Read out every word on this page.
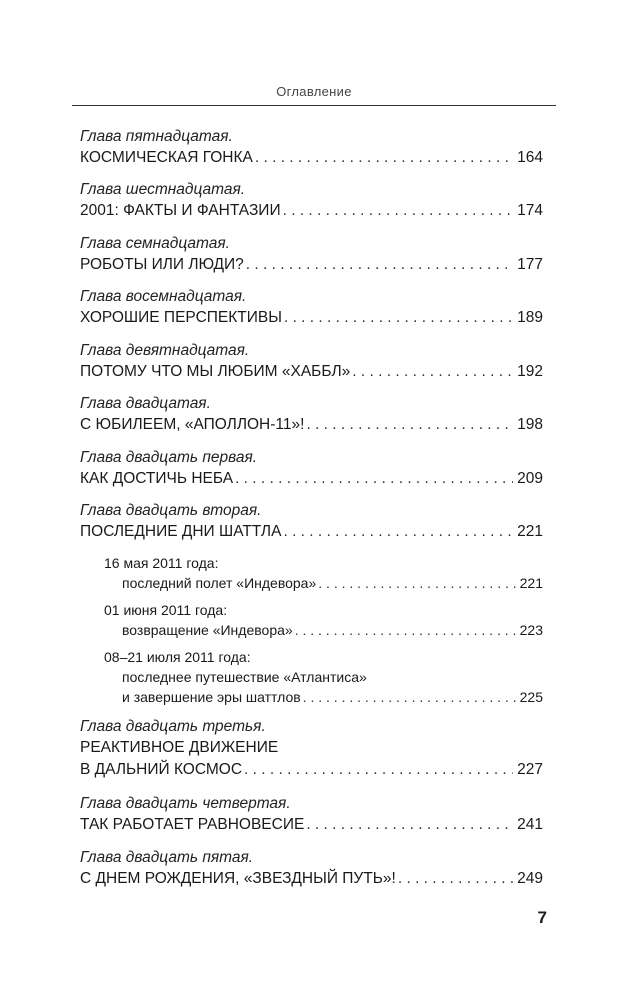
Оглавление
Глава пятнадцатая.
КОСМИЧЕСКАЯ ГОНКА . . .	164
Глава шестнадцатая.
2001: ФАКТЫ И ФАНТАЗИИ . . .	174
Глава семнадцатая.
РОБОТЫ ИЛИ ЛЮДИ? . . .	177
Глава восемнадцатая.
ХОРОШИЕ ПЕРСПЕКТИВЫ . . .	189
Глава девятнадцатая.
ПОТОМУ ЧТО МЫ ЛЮБИМ «ХАББЛ» . . .	192
Глава двадцатая.
С ЮБИЛЕЕМ, «АПОЛЛОН-11»! . . .	198
Глава двадцать первая.
КАК ДОСТИЧЬ НЕБА . . .	209
Глава двадцать вторая.
ПОСЛЕДНИЕ ДНИ ШАТТЛА . . .	221
16 мая 2011 года:
последний полет «Индевора» . . .	221
01 июня 2011 года:
возвращение «Индевора» . . .	223
08–21 июля 2011 года:
последнее путешествие «Атлантиса»
и завершение эры шаттлов . . .	225
Глава двадцать третья.
РЕАКТИВНОЕ ДВИЖЕНИЕ
В ДАЛЬНИЙ КОСМОС . . .	227
Глава двадцать четвертая.
ТАК РАБОТАЕТ РАВНОВЕСИЕ . . .	241
Глава двадцать пятая.
С ДНЕМ РОЖДЕНИЯ, «ЗВЕЗДНЫЙ ПУТЬ»! . . .	249
7
